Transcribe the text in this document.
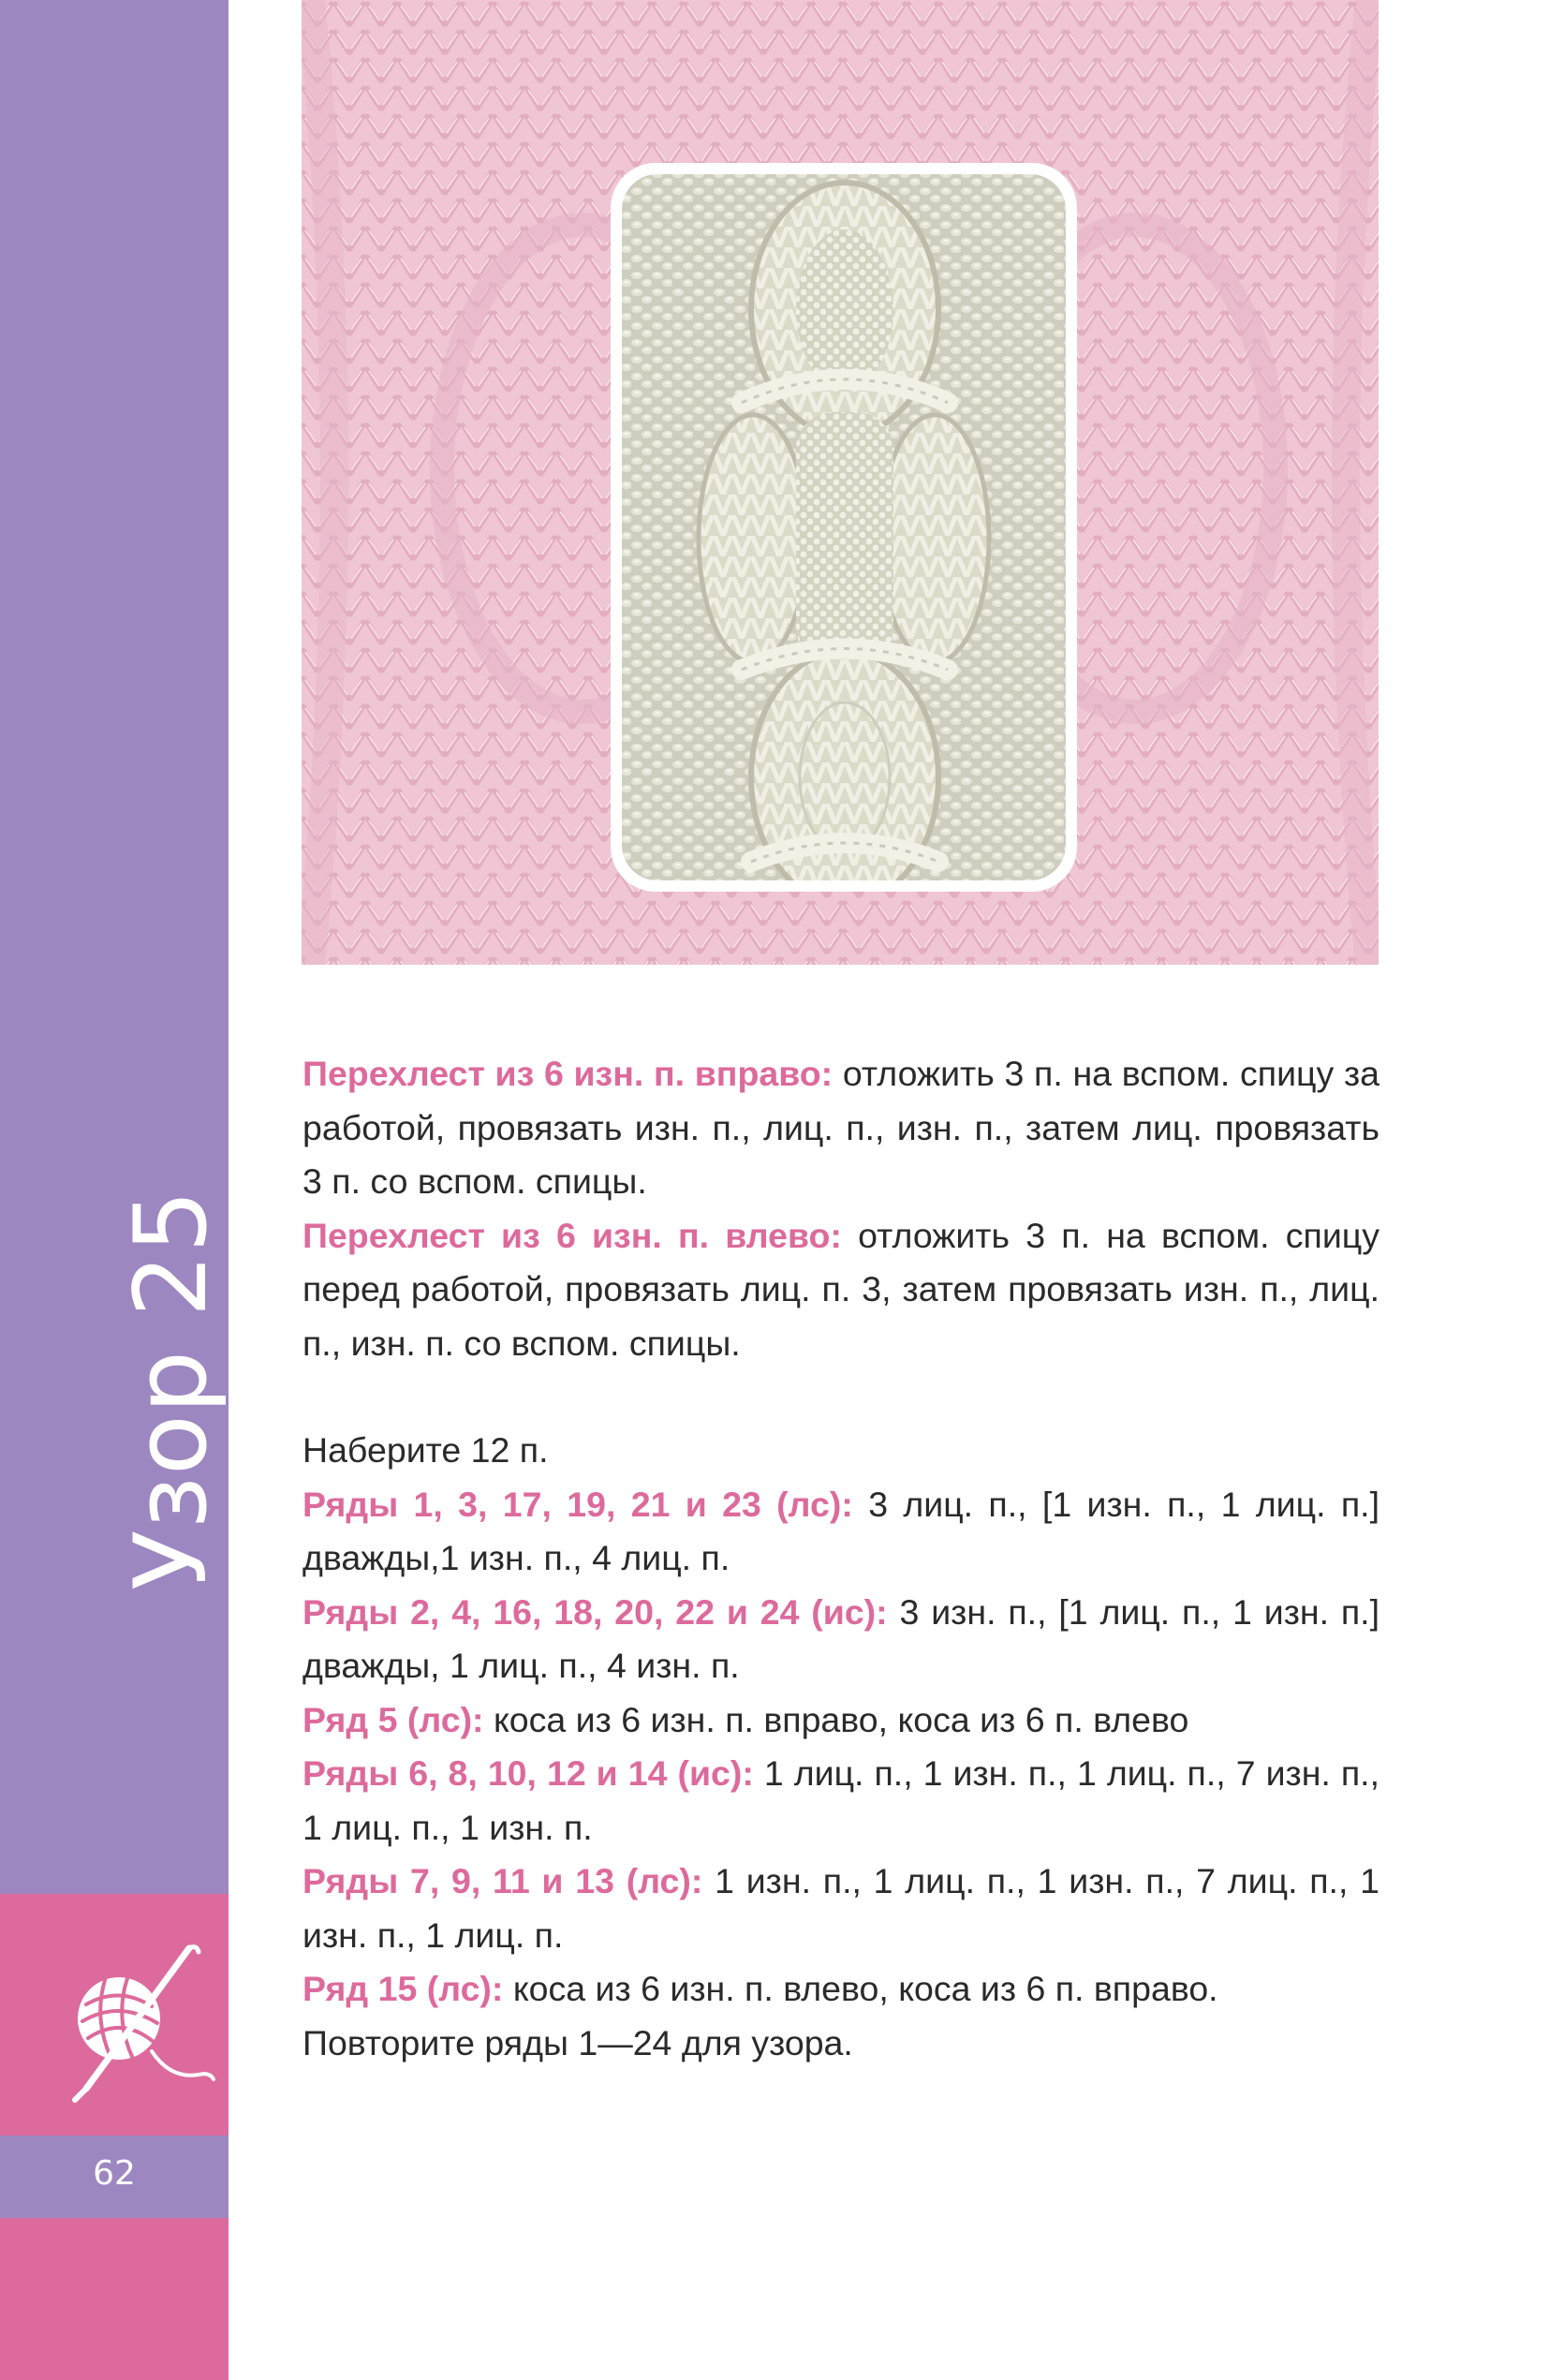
Узор 25
62

Перехлест из 6 изн. п. вправо: отложить 3 п. на вспом. спицу за работой, провязать изн. п., лиц. п., изн. п., затем лиц. провязать 3 п. со вспом. спицы.

Перехлест из 6 изн. п. влево: отложить 3 п. на вспом. спицу перед работой, провязать лиц. п. 3, затем провязать изн. п., лиц. п., изн. п. со вспом. спицы.

Наберите 12 п.

Ряды 1, 3, 17, 19, 21 и 23 (лс): 3 лиц. п., [1 изн. п., 1 лиц. п.] дважды,1 изн. п., 4 лиц. п.

Ряды 2, 4, 16, 18, 20, 22 и 24 (ис): 3 изн. п., [1 лиц. п., 1 изн. п.] дважды, 1 лиц. п., 4 изн. п.

Ряд 5 (лс): коса из 6 изн. п. вправо, коса из 6 п. влево

Ряды 6, 8, 10, 12 и 14 (ис): 1 лиц. п., 1 изн. п., 1 лиц. п., 7 изн. п., 1 лиц. п., 1 изн. п.

Ряды 7, 9, 11 и 13 (лс): 1 изн. п., 1 лиц. п., 1 изн. п., 7 лиц. п., 1 изн. п., 1 лиц. п.

Ряд 15 (лс): коса из 6 изн. п. влево, коса из 6 п. вправо.

Повторите ряды 1—24 для узора.
